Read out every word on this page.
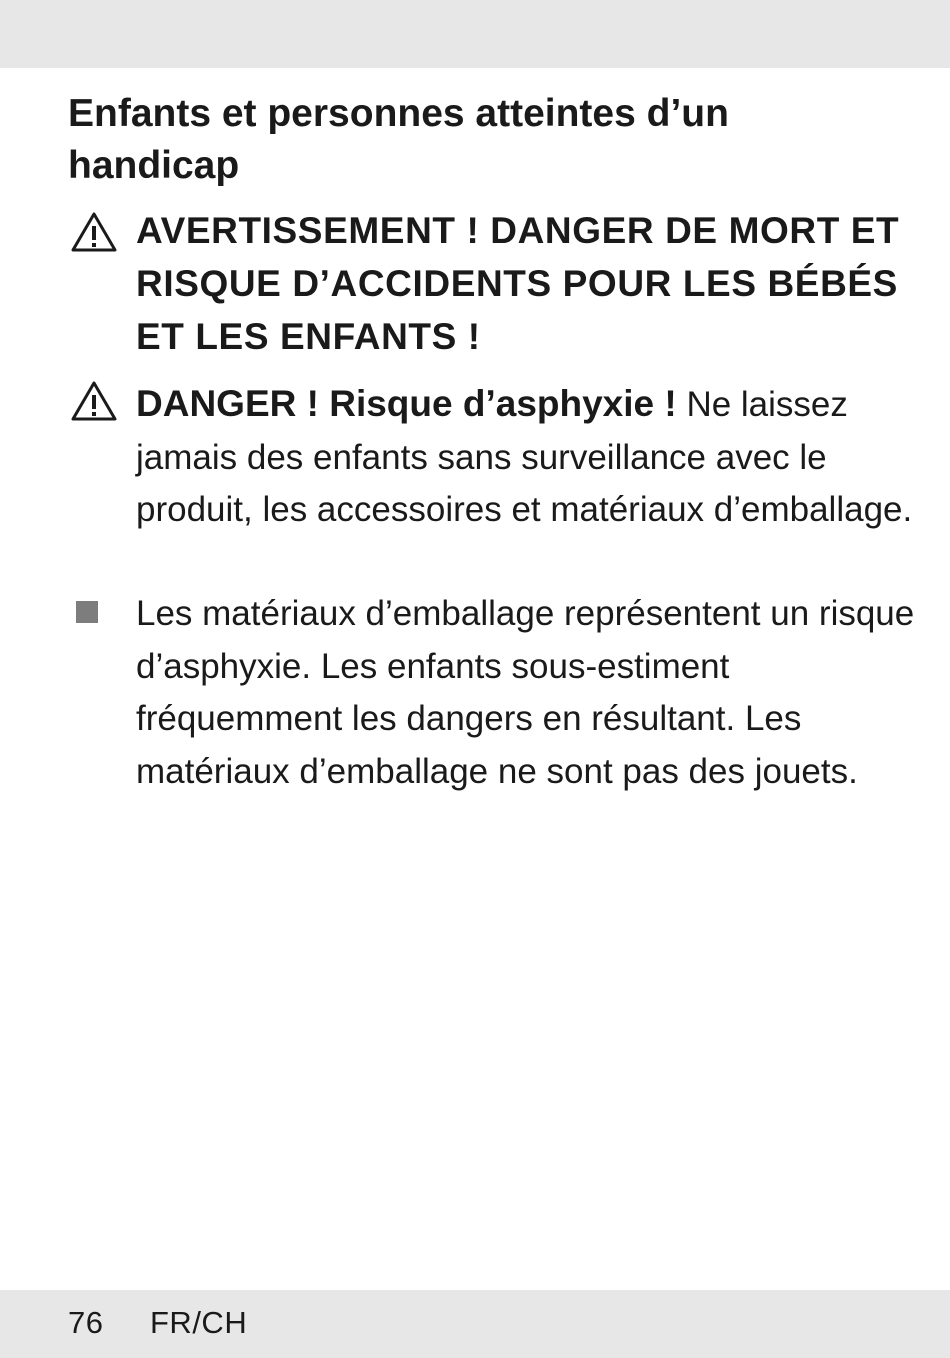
Enfants et personnes atteintes d’un handicap

AVERTISSEMENT ! DANGER DE MORT ET RISQUE D’ACCIDENTS POUR LES BÉBÉS ET LES ENFANTS !

DANGER ! Risque d’asphyxie ! Ne laissez jamais des enfants sans surveillance avec le produit, les accessoires et matériaux d’emballage.

Les matériaux d’emballage représentent un risque d’asphyxie. Les enfants sous-estiment fréquemment les dangers en résultant. Les matériaux d’emballage ne sont pas des jouets.

76 FR/CH
